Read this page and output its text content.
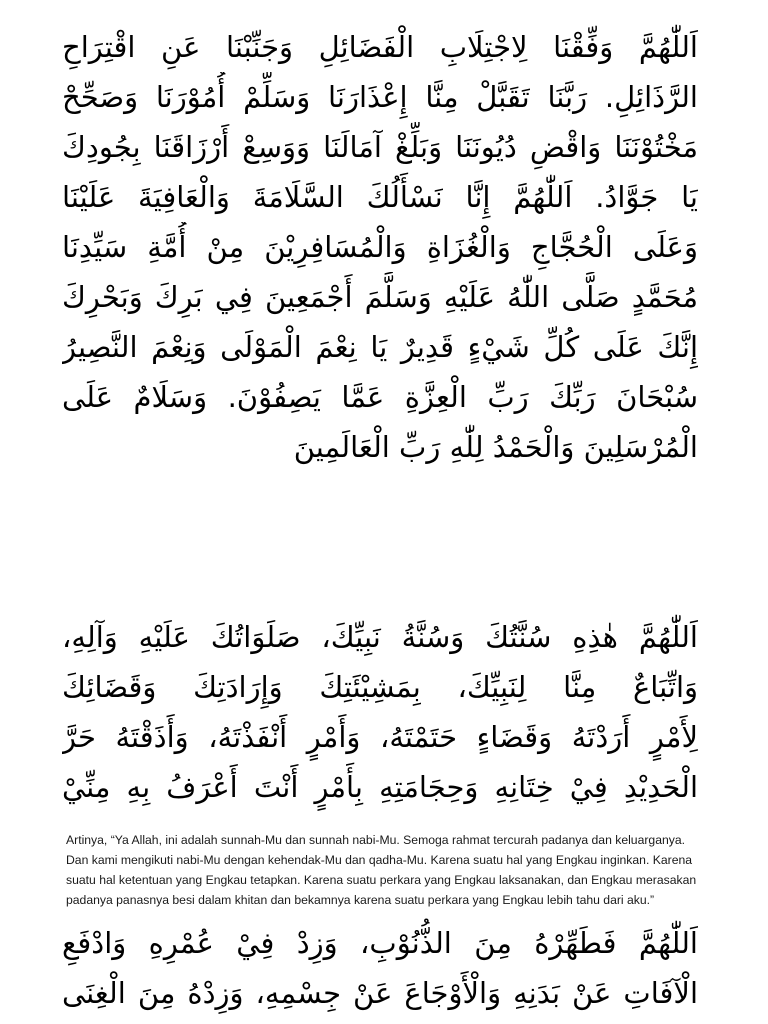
اَللّٰهُمَّ وَفِّقْنَا لِاجْتِلَابِ الْفَضَائِلِ وَجَنِّبْنَا عَنِ اقْتِرَاحِ
الرَّذَائِلِ. رَبَّنَا تَقَبَّلْ مِنَّا إِعْذَارَنَا وَسَلِّمْ أُمُوْرَنَا وَصَحِّحْ
مَخْتُوْنَنَا وَاقْضِ دُيُونَنَا وَبَلِّغْ آمَالَنَا وَوَسِعْ أَرْزَاقَنَا بِجُودِكَ
يَا جَوَّادُ. اَللّٰهُمَّ إِنَّا نَسْأَلُكَ السَّلَامَةَ وَالْعَافِيَةَ عَلَيْنَا
وَعَلَى الْحُجَّاجِ وَالْغُزَاةِ وَالْمُسَافِرِيْنَ مِنْ أُمَّةِ سَيِّدِنَا
مُحَمَّدٍ صَلَّى اللّٰهُ عَلَيْهِ وَسَلَّمَ أَجْمَعِينَ فِي بَرِكَ وَبَحْرِكَ
إِنَّكَ عَلَى كُلِّ شَيْءٍ قَدِيرٌ يَا نِعْمَ الْمَوْلَى وَنِعْمَ النَّصِيرُ
سُبْحَانَ رَبِّكَ رَبِّ الْعِزَّةِ عَمَّا يَصِفُوْنَ. وَسَلَامٌ عَلَى
الْمُرْسَلِينَ وَالْحَمْدُ لِلّٰهِ رَبِّ الْعَالَمِينَ
اَللّٰهُمَّ هٰذِهِ سُنَّتُكَ وَسُنَّةُ نَبِيِّكَ، صَلَوَاتُكَ عَلَيْهِ وَآلِهِ،
وَاتِّبَاعٌ مِنَّا لِنَبِيِّكَ، بِمَشِيْئَتِكَ وَإِرَادَتِكَ وَقَضَائِكَ
لِأَمْرٍ أَرَدْتَهُ وَقَضَاءٍ حَتَمْتَهُ، وَأَمْرٍ أَنْفَذْتَهُ، وَأَذَقْتَهُ حَرَّ
الْحَدِيْدِ فِيْ خِتَانِهِ وَحِجَامَتِهِ بِأَمْرٍ أَنْتَ أَعْرَفُ بِهِ مِنِّيْ

Artinya, “Ya Allah, ini adalah sunnah-Mu dan sunnah nabi-Mu. Semoga rahmat tercurah padanya dan keluarganya. Dan kami mengikuti nabi-Mu dengan kehendak-Mu dan qadha-Mu. Karena suatu hal yang Engkau inginkan. Karena suatu hal ketentuan yang Engkau tetapkan. Karena suatu perkara yang Engkau laksanakan, dan Engkau merasakan padanya panasnya besi dalam khitan dan bekamnya karena suatu perkara yang Engkau lebih tahu dari aku.”

اَللّٰهُمَّ فَطَهِّرْهُ مِنَ الذُّنُوْبِ، وَزِدْ فِيْ عُمْرِهِ وَادْفَعِ
الْآفَاتِ عَنْ بَدَنِهِ وَالْأَوْجَاعَ عَنْ جِسْمِهِ، وَزِدْهُ مِنَ الْغِنَى
